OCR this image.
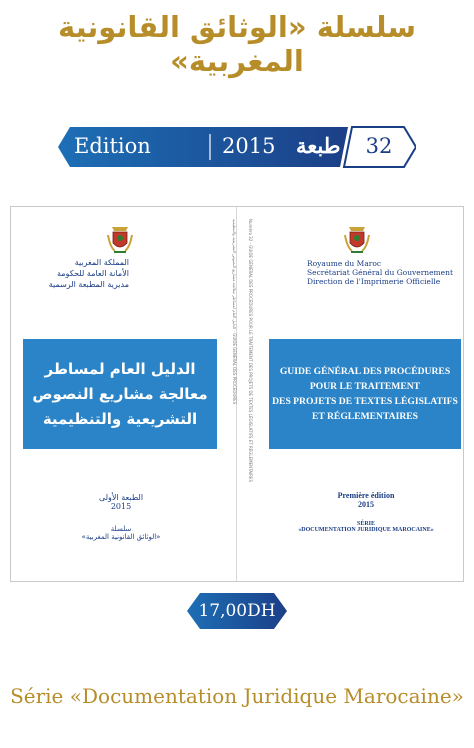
سلسلة «الوثائق القانونية المغربية»
Edition	2015 طبعة	32
الدليل العام لمساطر معالجة مشاريع النصوص التشريعية والتنظيمية - GUIDE GÉNÉRAL DES PROCÉDURES	Numéro 32 - GUIDE GÉNÉRAL DES PROCÉDURES POUR LE TRAITEMENT DES PROJETS DE TEXTES LÉGISLATIFS ET RÉGLEMENTAIRES
المملكة المغربية
الأمانة العامة للحكومة
مديرية المطبعة الرسمية
الدليل العام لمساطر
معالجة مشاريع النصوص
التشريعية والتنظيمية
الطبعة الأولى
2015
سلسلة
«الوثائق القانونية المغربية»
Royaume du Maroc
Secrétariat Général du Gouvernement
Direction de l'Imprimerie Officielle
GUIDE GÉNÉRAL DES PROCÉDURES
POUR LE TRAITEMENT
DES PROJETS DE TEXTES LÉGISLATIFS
ET RÉGLEMENTAIRES
Première édition
2015
SÉRIE
«DOCUMENTATION JURIDIQUE MAROCAINE»
17,00DH
Série «Documentation Juridique Marocaine»
